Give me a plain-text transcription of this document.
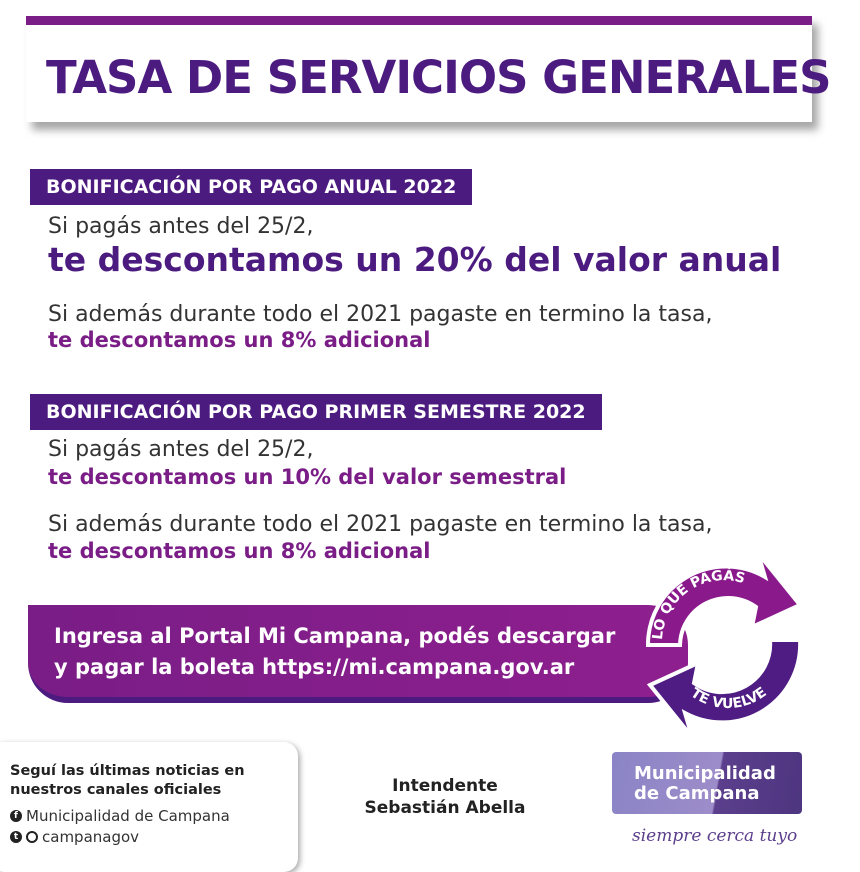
TASA DE SERVICIOS GENERALES
BONIFICACIÓN POR PAGO ANUAL 2022
Si pagás antes del 25/2,
te descontamos un 20% del valor anual
Si además durante todo el 2021 pagaste en termino la tasa,
te descontamos un 8% adicional
BONIFICACIÓN POR PAGO PRIMER SEMESTRE 2022
Si pagás antes del 25/2,
te descontamos un 10% del valor semestral
Si además durante todo el 2021 pagaste en termino la tasa,
te descontamos un 8% adicional
Ingresa al Portal Mi Campana, podés descargar
y pagar la boleta https://mi.campana.gov.ar
LO QUE PAGÁS
TE VUELVE
Seguí las últimas noticias en
nuestros canales oficiales
f Municipalidad de Campana
t campanagov
Intendente
Sebastián Abella
Municipalidad
de Campana
siempre cerca tuyo
